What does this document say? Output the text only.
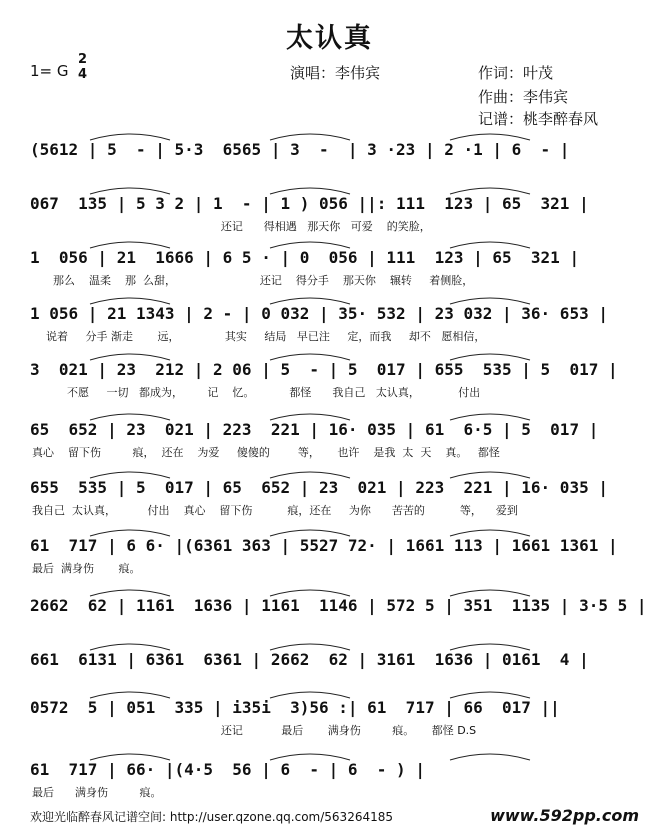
太认真
1= G
2
4	演唱：李伟宾	作词：叶茂
作曲：李伟宾
记谱：桃李醉春风
(5612 | 5  - | 5·3  6565 | 3  -  | 3 ·23 | 2 ·1 | 6  - |
067  135 | 5 3 2 | 1  - | 1 ) 056 ||: 111  123 | 65  321 |
还记      得相遇   那天你   可爱    的笑脸，
1  056 | 21  1666 | 6 5 · | 0  056 | 111  123 | 65  321 |
那么    温柔    那  么甜，                        还记    得分手    那天你    辗转     着侧脸，
1 056 | 21 1343 | 2 - | 0 032 | 35· 532 | 23 032 | 36· 653 |
说着     分手 渐走       远，             其实     结局   早已注     定，而我     却不   愿相信，
3  021 | 23  212 | 2 06 | 5  - | 5  017 | 655  535 | 5  017 |
不愿     一切   都成为，       记    忆。          都怪      我自己   太认真，           付出
65  652 | 23  021 | 223  221 | 16· 035 | 61  6·5 | 5  017 |
真心    留下伤         痕，  还在    为爱     傻傻的        等，     也许    是我  太  天    真。   都怪
655  535 | 5  017 | 65  652 | 23  021 | 223  221 | 16· 035 |
我自己  太认真，         付出    真心    留下伤          痕，还在     为你      苦苦的          等，    爱到
61  717 | 6 6· |(6361 363 | 5527 72· | 1661 113 | 1661 1361 |
最后  满身伤       痕。
2662  62 | 1161  1636 | 1161  1146 | 572 5 | 351  1135 | 3·5 5 |
661  6131 | 6361  6361 | 2662  62 | 3161  1636 | 0161  4 |
0572  5 | 051  335 | i35i  3)56 :| 61  717 | 66  017 ||
还记           最后       满身伤         痕。     都怪 D.S
61  717 | 66· |(4·5  56 | 6  - | 6  - ) |
最后      满身伤         痕。
欢迎光临醉春风记谱空间: http://user.qzone.qq.com/563264185	www.592pp.com
